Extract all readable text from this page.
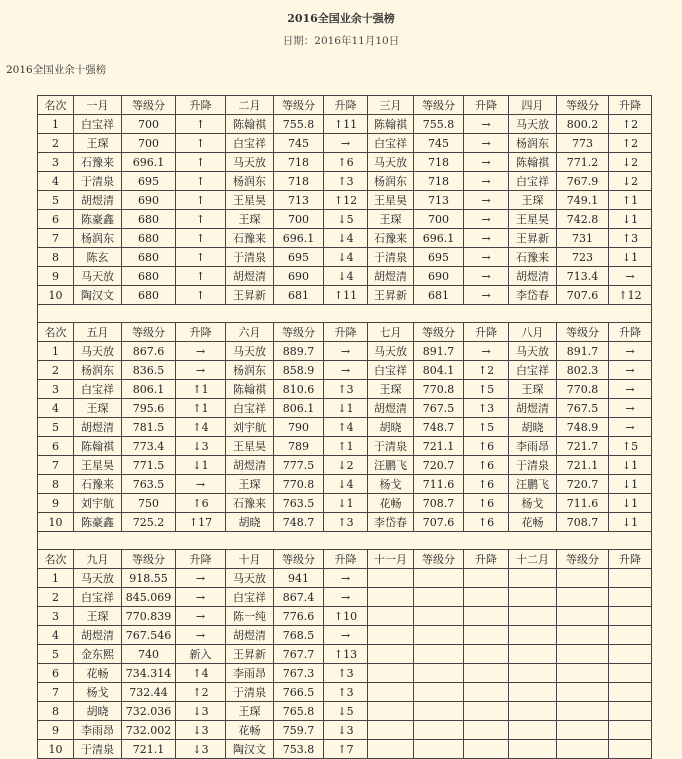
2016全国业余十强榜
日期：2016年11月10日
2016全国业余十强榜
名次	一月	等级分	升降	二月	等级分	升降	三月	等级分	升降	四月	等级分	升降
1	白宝祥	700	↑	陈翰祺	755.8	↑11	陈翰祺	755.8	→	马天放	800.2	↑2
2	王琛	700	↑	白宝祥	745	→	白宝祥	745	→	杨润东	773	↑2
3	石豫来	696.1	↑	马天放	718	↑6	马天放	718	→	陈翰祺	771.2	↓2
4	于清泉	695	↑	杨润东	718	↑3	杨润东	718	→	白宝祥	767.9	↓2
5	胡煜清	690	↑	王星昊	713	↑12	王星昊	713	→	王琛	749.1	↑1
6	陈豪鑫	680	↑	王琛	700	↓5	王琛	700	→	王星昊	742.8	↓1
7	杨润东	680	↑	石豫来	696.1	↓4	石豫来	696.1	→	王昇新	731	↑3
8	陈玄	680	↑	于清泉	695	↓4	于清泉	695	→	石豫来	723	↓1
9	马天放	680	↑	胡煜清	690	↓4	胡煜清	690	→	胡煜清	713.4	→
10	陶汉文	680	↑	王昇新	681	↑11	王昇新	681	→	李岱春	707.6	↑12

名次	五月	等级分	升降	六月	等级分	升降	七月	等级分	升降	八月	等级分	升降
1	马天放	867.6	→	马天放	889.7	→	马天放	891.7	→	马天放	891.7	→
2	杨润东	836.5	→	杨润东	858.9	→	白宝祥	804.1	↑2	白宝祥	802.3	→
3	白宝祥	806.1	↑1	陈翰祺	810.6	↑3	王琛	770.8	↑5	王琛	770.8	→
4	王琛	795.6	↑1	白宝祥	806.1	↓1	胡煜清	767.5	↑3	胡煜清	767.5	→
5	胡煜清	781.5	↑4	刘宇航	790	↑4	胡晓	748.7	↑5	胡晓	748.9	→
6	陈翰祺	773.4	↓3	王星昊	789	↑1	于清泉	721.1	↑6	李雨昂	721.7	↑5
7	王星昊	771.5	↓1	胡煜清	777.5	↓2	汪鹏飞	720.7	↑6	于清泉	721.1	↓1
8	石豫来	763.5	→	王琛	770.8	↓4	杨戈	711.6	↑6	汪鹏飞	720.7	↓1
9	刘宇航	750	↑6	石豫来	763.5	↓1	花畅	708.7	↑6	杨戈	711.6	↓1
10	陈豪鑫	725.2	↑17	胡晓	748.7	↑3	李岱春	707.6	↑6	花畅	708.7	↓1

名次	九月	等级分	升降	十月	等级分	升降	十一月	等级分	升降	十二月	等级分	升降
1	马天放	918.55	→	马天放	941	→						
2	白宝祥	845.069	→	白宝祥	867.4	→						
3	王琛	770.839	→	陈一纯	776.6	↑10						
4	胡煜清	767.546	→	胡煜清	768.5	→						
5	金东熙	740	新入	王昇新	767.7	↑13						
6	花畅	734.314	↑4	李雨昂	767.3	↑3						
7	杨戈	732.44	↑2	于清泉	766.5	↑3						
8	胡晓	732.036	↓3	王琛	765.8	↓5						
9	李雨昂	732.002	↓3	花畅	759.7	↓3						
10	于清泉	721.1	↓3	陶汉文	753.8	↑7						
